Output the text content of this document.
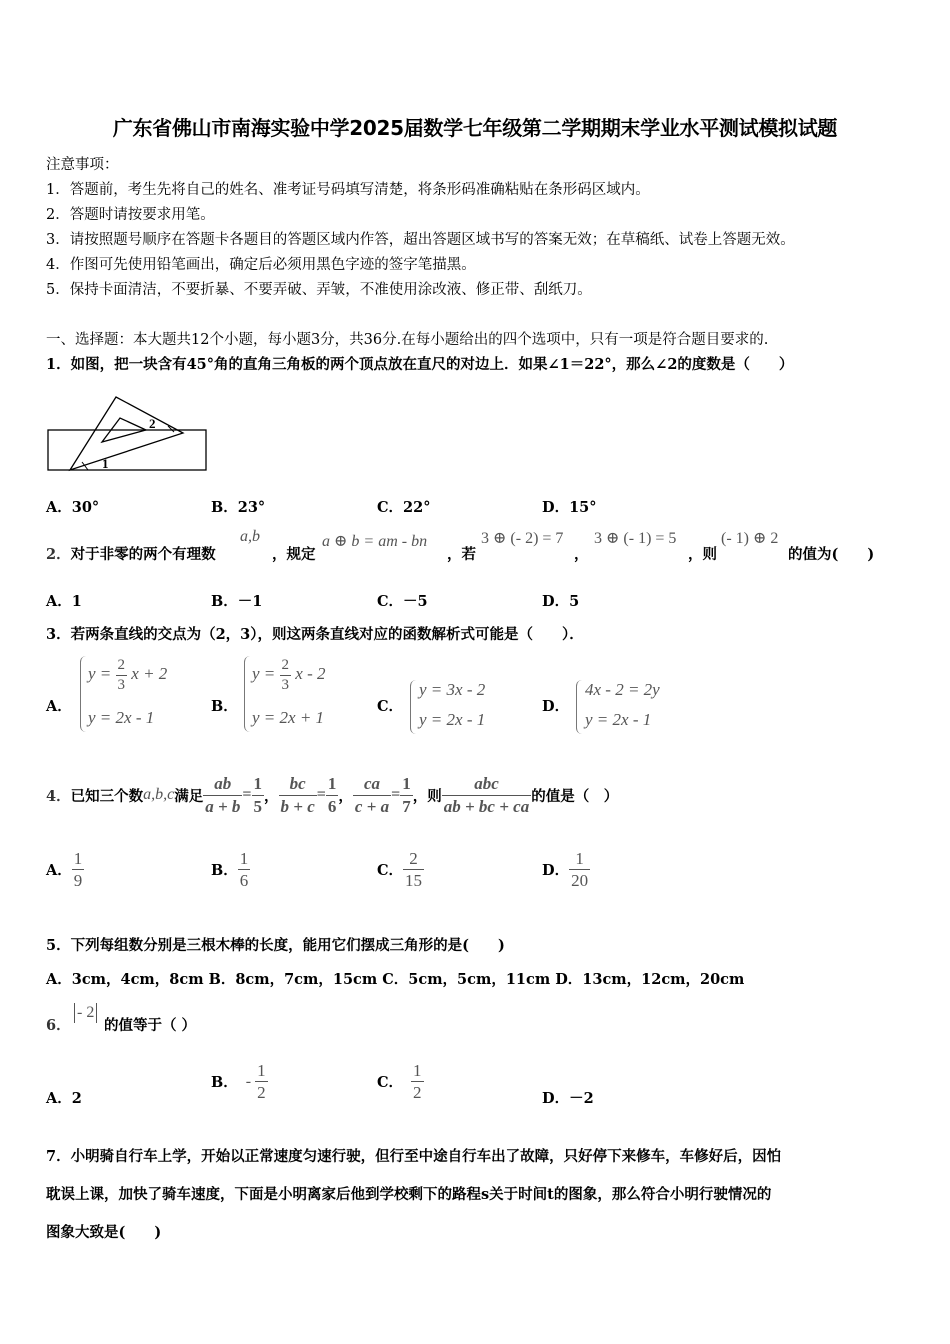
广东省佛山市南海实验中学2025届数学七年级第二学期期末学业水平测试模拟试题
注意事项：
1．答题前，考生先将自己的姓名、准考证号码填写清楚，将条形码准确粘贴在条形码区域内。
2．答题时请按要求用笔。
3．请按照题号顺序在答题卡各题目的答题区域内作答，超出答题区域书写的答案无效；在草稿纸、试卷上答题无效。
4．作图可先使用铅笔画出，确定后必须用黑色字迹的签字笔描黑。
5．保持卡面清洁，不要折暴、不要弄破、弄皱，不准使用涂改液、修正带、刮纸刀。
一、选择题：本大题共12个小题，每小题3分，共36分.在每小题给出的四个选项中，只有一项是符合题目要求的.
1．如图，把一块含有45°角的直角三角板的两个顶点放在直尺的对边上．如果∠1＝22°，那么∠2的度数是（　　）
2
1
A．30°	B．23°	C．22°	D．15°
2．对于非零的两个有理数
a,b
，规定
a ⊕ b = am - bn
，若
3 ⊕ (- 2) = 7
，
3 ⊕ (- 1) = 5
，则
(- 1) ⊕ 2
的值为(　　)
A．1	B．－1	C．－5	D．5
3．若两条直线的交点为（2，3），则这两条直线对应的函数解析式可能是（　　）．
A．
$y = \frac{2}{3}$ x + 2
y = 2x - 1
B．
$y = \frac{2}{3}$ x - 2
y = 2x + 1
C．
y = 3x - 2
y = 2x - 1
D．
4x - 2 = 2y
y = 2x - 1
4． 已知三个数 a,b,c 满足 $\frac{ab}{a + b} = \frac{1}{5}$ ， $\frac{bc}{b + c} = \frac{1}{6}$ ， $\frac{ca}{c + a} = \frac{1}{7}$ ，则 $\frac{\text{abc}}{ab + bc + ca}$ 的值是（　）
A． $\frac{1}{9}$	B． $\frac{1}{6}$	C． $\frac{2}{15}$	D． $\frac{1}{20}$
5．下列每组数分别是三根木棒的长度，能用它们摆成三角形的是(　　)
A．3cm，4cm，8cm B．8cm，7cm，15cm C．5cm，5cm，11cm D．13cm，12cm，20cm
6．
- 2
的值等于（ ）
A．2
B． - $\frac{1}{2}$	C． $\frac{1}{2}$	D．－2
7．小明骑自行车上学，开始以正常速度匀速行驶，但行至中途自行车出了故障，只好停下来修车，车修好后，因怕
耽误上课，加快了骑车速度，下面是小明离家后他到学校剩下的路程s关于时间t的图象，那么符合小明行驶情况的
图象大致是(　　)
